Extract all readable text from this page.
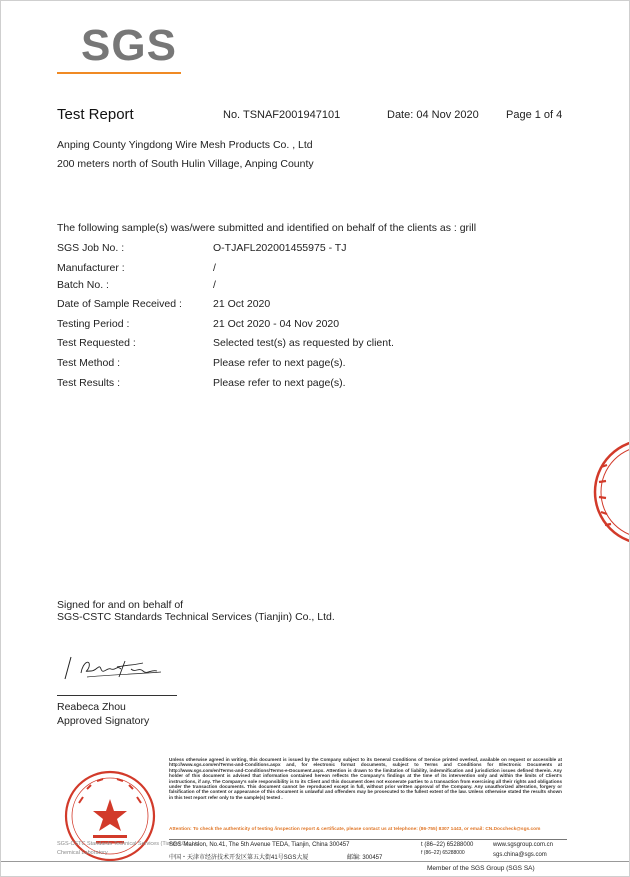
SGS
Test Report	No. TSNAF2001947101	Date: 04 Nov 2020 Page 1 of 4
Anping County Yingdong Wire Mesh Products Co. , Ltd
200 meters north of South Hulin Village, Anping County
The following sample(s) was/were submitted and identified on behalf of the clients as : grill
SGS Job No. :	O-TJAFL202001455975 - TJ
Manufacturer :	/
Batch No. :	/
Date of Sample Received :	21 Oct 2020
Testing Period :	21 Oct 2020 - 04 Nov 2020
Test Requested :	Selected test(s) as requested by client.
Test Method :	Please refer to next page(s).
Test Results :	Please refer to next page(s).
Signed for and on behalf of
SGS-CSTC Standards Technical Services (Tianjin) Co., Ltd.
Reabeca Zhou
Approved Signatory
SGS-CSTC Standards Technical Services (Tianjin) Co.,Ltd.
Chemical Laboratory
Unless otherwise agreed in writing, this document is issued by the Company subject to its General Conditions of Service printed overleaf, available on request or accessible at http://www.sgs.com/en/Terms-and-Conditions.aspx and, for electronic format documents, subject to Terms and Conditions for Electronic Documents at http://www.sgs.com/en/Terms-and-Conditions/Terms-e-Document.aspx. Attention is drawn to the limitation of liability, indemnification and jurisdiction issues defined therein. Any holder of this document is advised that information contained hereon reflects the Company's findings at the time of its intervention only and within the limits of Client's instructions, if any. The Company's sole responsibility is to its Client and this document does not exonerate parties to a transaction from exercising all their rights and obligations under the transaction documents. This document cannot be reproduced except in full, without prior written approval of the Company. Any unauthorized alteration, forgery or falsification of the content or appearance of this document is unlawful and offenders may be prosecuted to the fullest extent of the law. Unless otherwise stated the results shown in this test report refer only to the sample(s) tested .
Attention: To check the authenticity of testing /inspection report & certificate, please contact us at telephone: (86-755) 8307 1443, or email: CN.Doccheck@sgs.com
SGS Mansion, No.41, The 5th Avenue TEDA, Tianjin, China 300457	t (86–22) 65288000	www.sgsgroup.com.cn
f (86–22) 65288000
中国・天津市经济技术开发区第五大街41号SGS大厦	邮编: 300457	sgs.china@sgs.com
Member of the SGS Group (SGS SA)
